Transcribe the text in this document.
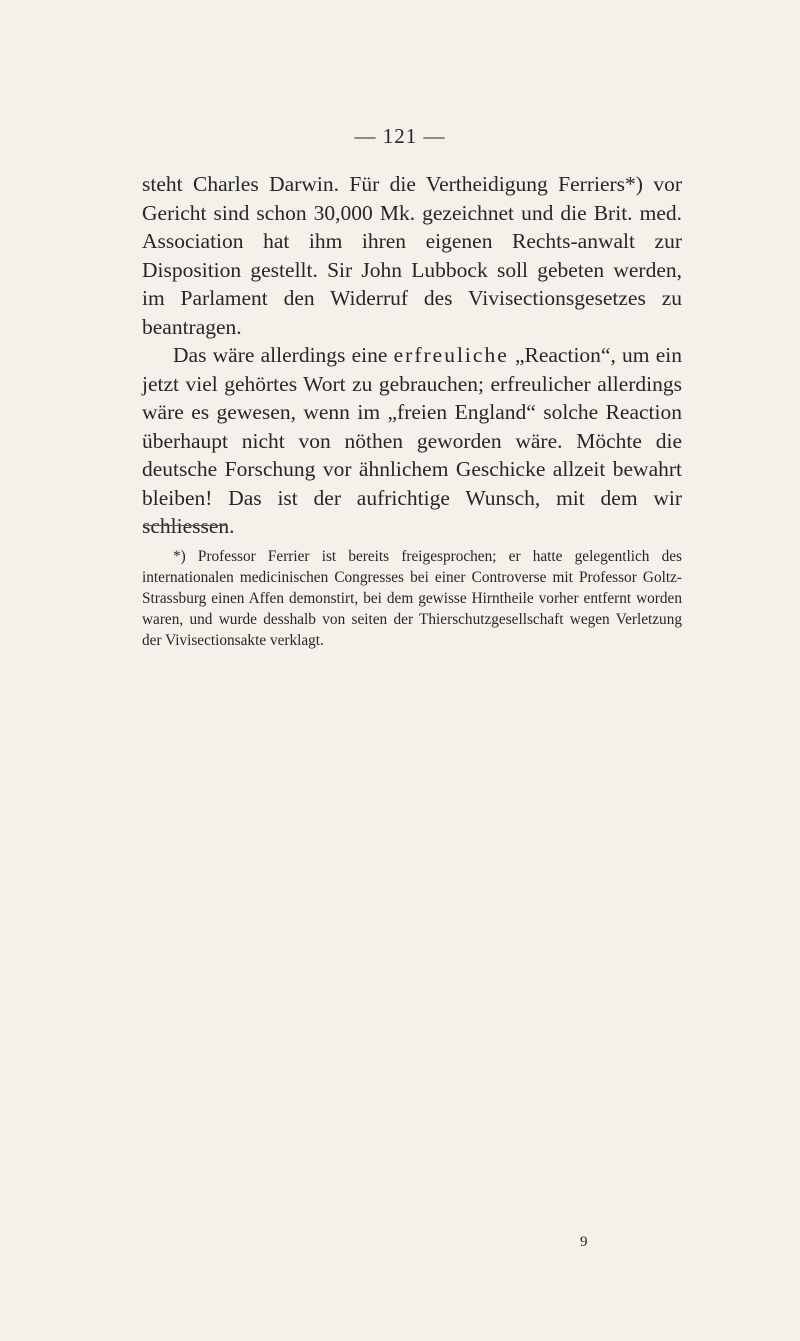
— 121 —

steht Charles Darwin. Für die Vertheidigung Ferriers*) vor Gericht sind schon 30,000 Mk. gezeichnet und die Brit. med. Association hat ihm ihren eigenen Rechts-anwalt zur Disposition gestellt. Sir John Lubbock soll gebeten werden, im Parlament den Widerruf des Vivisectionsgesetzes zu beantragen.

Das wäre allerdings eine erfreuliche „Reaction“, um ein jetzt viel gehörtes Wort zu gebrauchen; erfreulicher allerdings wäre es gewesen, wenn im „freien England“ solche Reaction überhaupt nicht von nöthen geworden wäre. Möchte die deutsche Forschung vor ähnlichem Geschicke allzeit bewahrt bleiben! Das ist der aufrichtige Wunsch, mit dem wir schliessen.

*) Professor Ferrier ist bereits freigesprochen; er hatte gelegentlich des internationalen medicinischen Congresses bei einer Controverse mit Professor Goltz-Strassburg einen Affen demonstirt, bei dem gewisse Hirntheile vorher entfernt worden waren, und wurde desshalb von seiten der Thierschutzgesellschaft wegen Verletzung der Vivisectionsakte verklagt.
9
